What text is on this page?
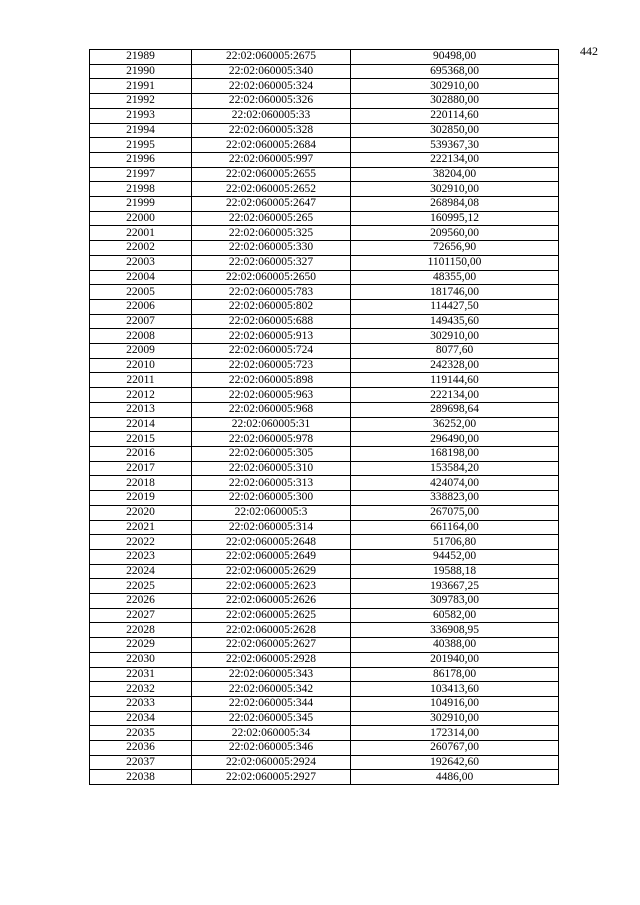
442
21989	22:02:060005:2675	90498,00
21990	22:02:060005:340	695368,00
21991	22:02:060005:324	302910,00
21992	22:02:060005:326	302880,00
21993	22:02:060005:33	220114,60
21994	22:02:060005:328	302850,00
21995	22:02:060005:2684	539367,30
21996	22:02:060005:997	222134,00
21997	22:02:060005:2655	38204,00
21998	22:02:060005:2652	302910,00
21999	22:02:060005:2647	268984,08
22000	22:02:060005:265	160995,12
22001	22:02:060005:325	209560,00
22002	22:02:060005:330	72656,90
22003	22:02:060005:327	1101150,00
22004	22:02:060005:2650	48355,00
22005	22:02:060005:783	181746,00
22006	22:02:060005:802	114427,50
22007	22:02:060005:688	149435,60
22008	22:02:060005:913	302910,00
22009	22:02:060005:724	8077,60
22010	22:02:060005:723	242328,00
22011	22:02:060005:898	119144,60
22012	22:02:060005:963	222134,00
22013	22:02:060005:968	289698,64
22014	22:02:060005:31	36252,00
22015	22:02:060005:978	296490,00
22016	22:02:060005:305	168198,00
22017	22:02:060005:310	153584,20
22018	22:02:060005:313	424074,00
22019	22:02:060005:300	338823,00
22020	22:02:060005:3	267075,00
22021	22:02:060005:314	661164,00
22022	22:02:060005:2648	51706,80
22023	22:02:060005:2649	94452,00
22024	22:02:060005:2629	19588,18
22025	22:02:060005:2623	193667,25
22026	22:02:060005:2626	309783,00
22027	22:02:060005:2625	60582,00
22028	22:02:060005:2628	336908,95
22029	22:02:060005:2627	40388,00
22030	22:02:060005:2928	201940,00
22031	22:02:060005:343	86178,00
22032	22:02:060005:342	103413,60
22033	22:02:060005:344	104916,00
22034	22:02:060005:345	302910,00
22035	22:02:060005:34	172314,00
22036	22:02:060005:346	260767,00
22037	22:02:060005:2924	192642,60
22038	22:02:060005:2927	4486,00
